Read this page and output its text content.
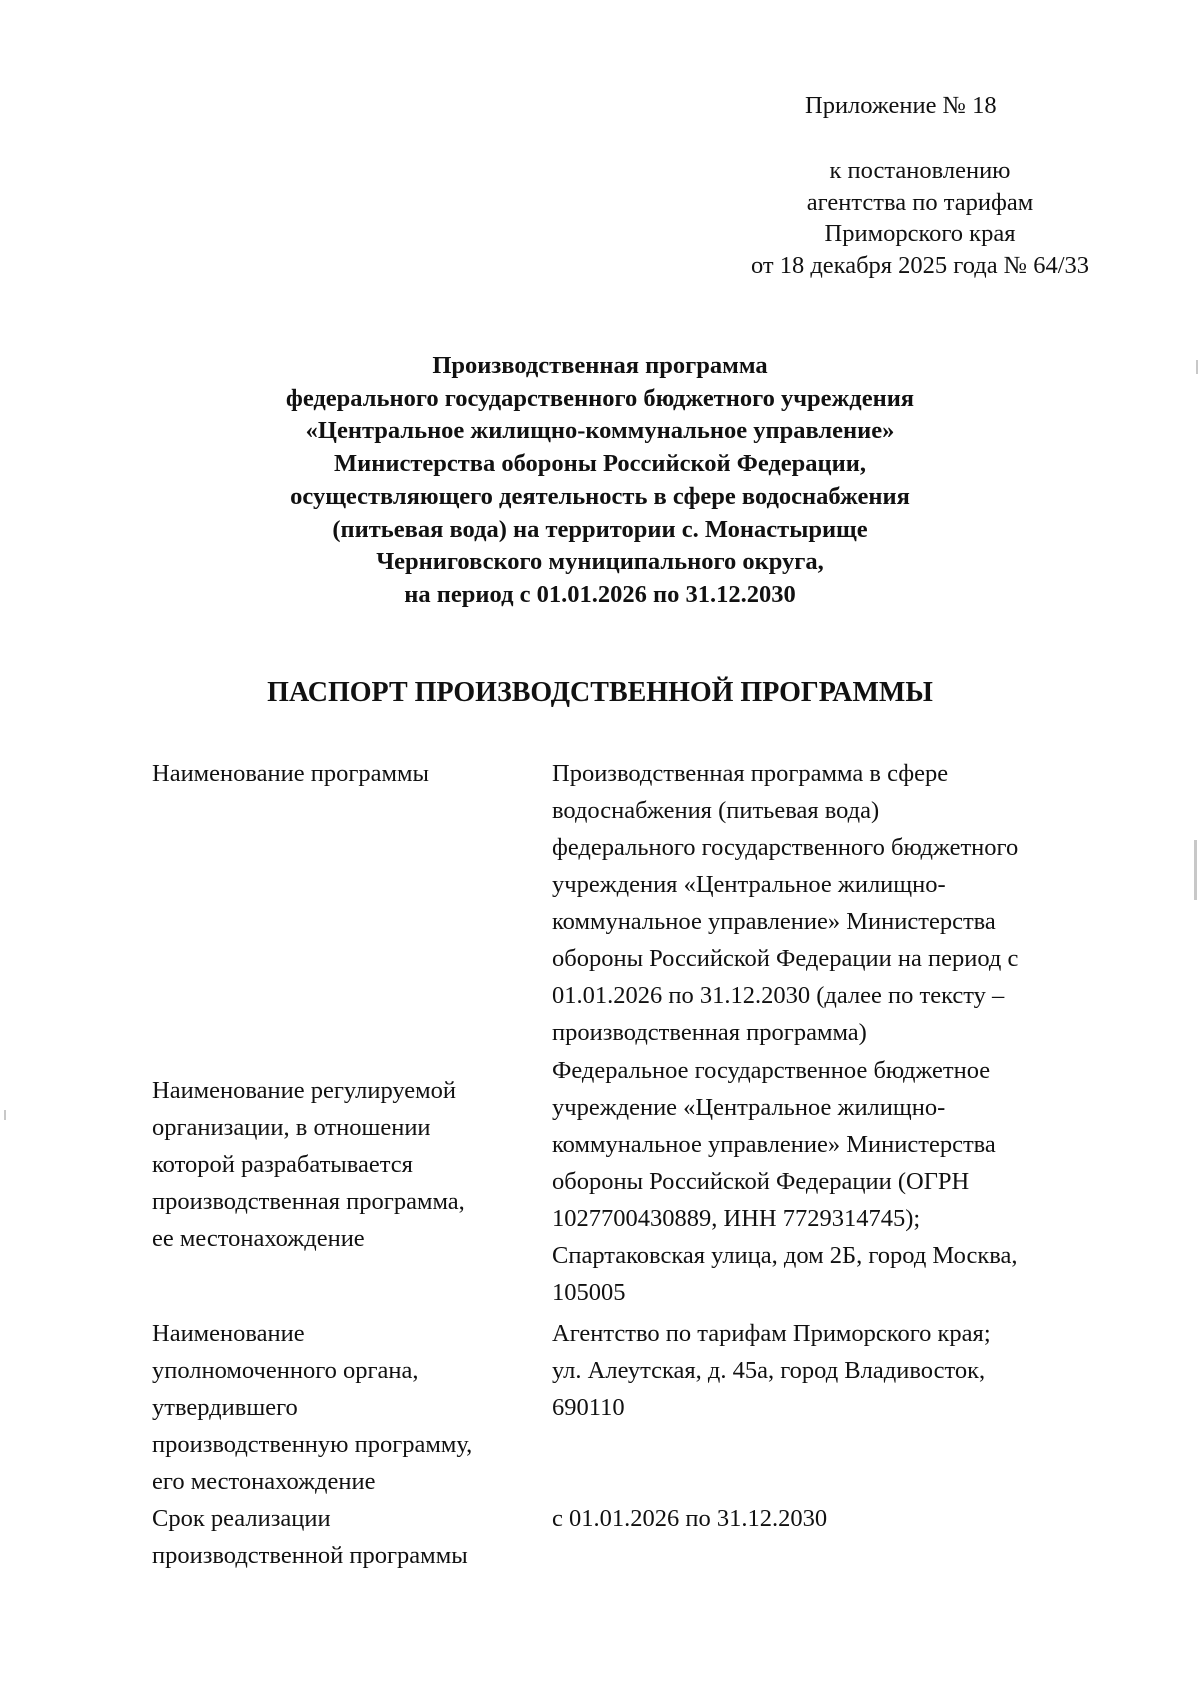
Приложение № 18
к постановлению
агентства по тарифам
Приморского края
от 18 декабря 2025 года № 64/33
Производственная программа
федерального государственного бюджетного учреждения
«Центральное жилищно-коммунальное управление»
Министерства обороны Российской Федерации,
осуществляющего деятельность в сфере водоснабжения
(питьевая вода) на территории с. Монастырище
Черниговского муниципального округа,
на период с 01.01.2026 по 31.12.2030
ПАСПОРТ ПРОИЗВОДСТВЕННОЙ ПРОГРАММЫ
Наименование программы	Производственная программа в сфере
водоснабжения (питьевая вода)
федерального государственного бюджетного
учреждения «Центральное жилищно-
коммунальное управление» Министерства
обороны Российской Федерации на период с
01.01.2026 по 31.12.2030 (далее по тексту –
производственная программа)
Наименование регулируемой
организации, в отношении
которой разрабатывается
производственная программа,
ее местонахождение
Федеральное государственное бюджетное
учреждение «Центральное жилищно-
коммунальное управление» Министерства
обороны Российской Федерации (ОГРН
1027700430889, ИНН 7729314745);
Спартаковская улица, дом 2Б, город Москва,
105005
Наименование
уполномоченного органа,
утвердившего
производственную программу,
его местонахождение
Агентство по тарифам Приморского края;
ул. Алеутская, д. 45а, город Владивосток,
690110
Срок реализации
производственной программы
с 01.01.2026 по 31.12.2030
